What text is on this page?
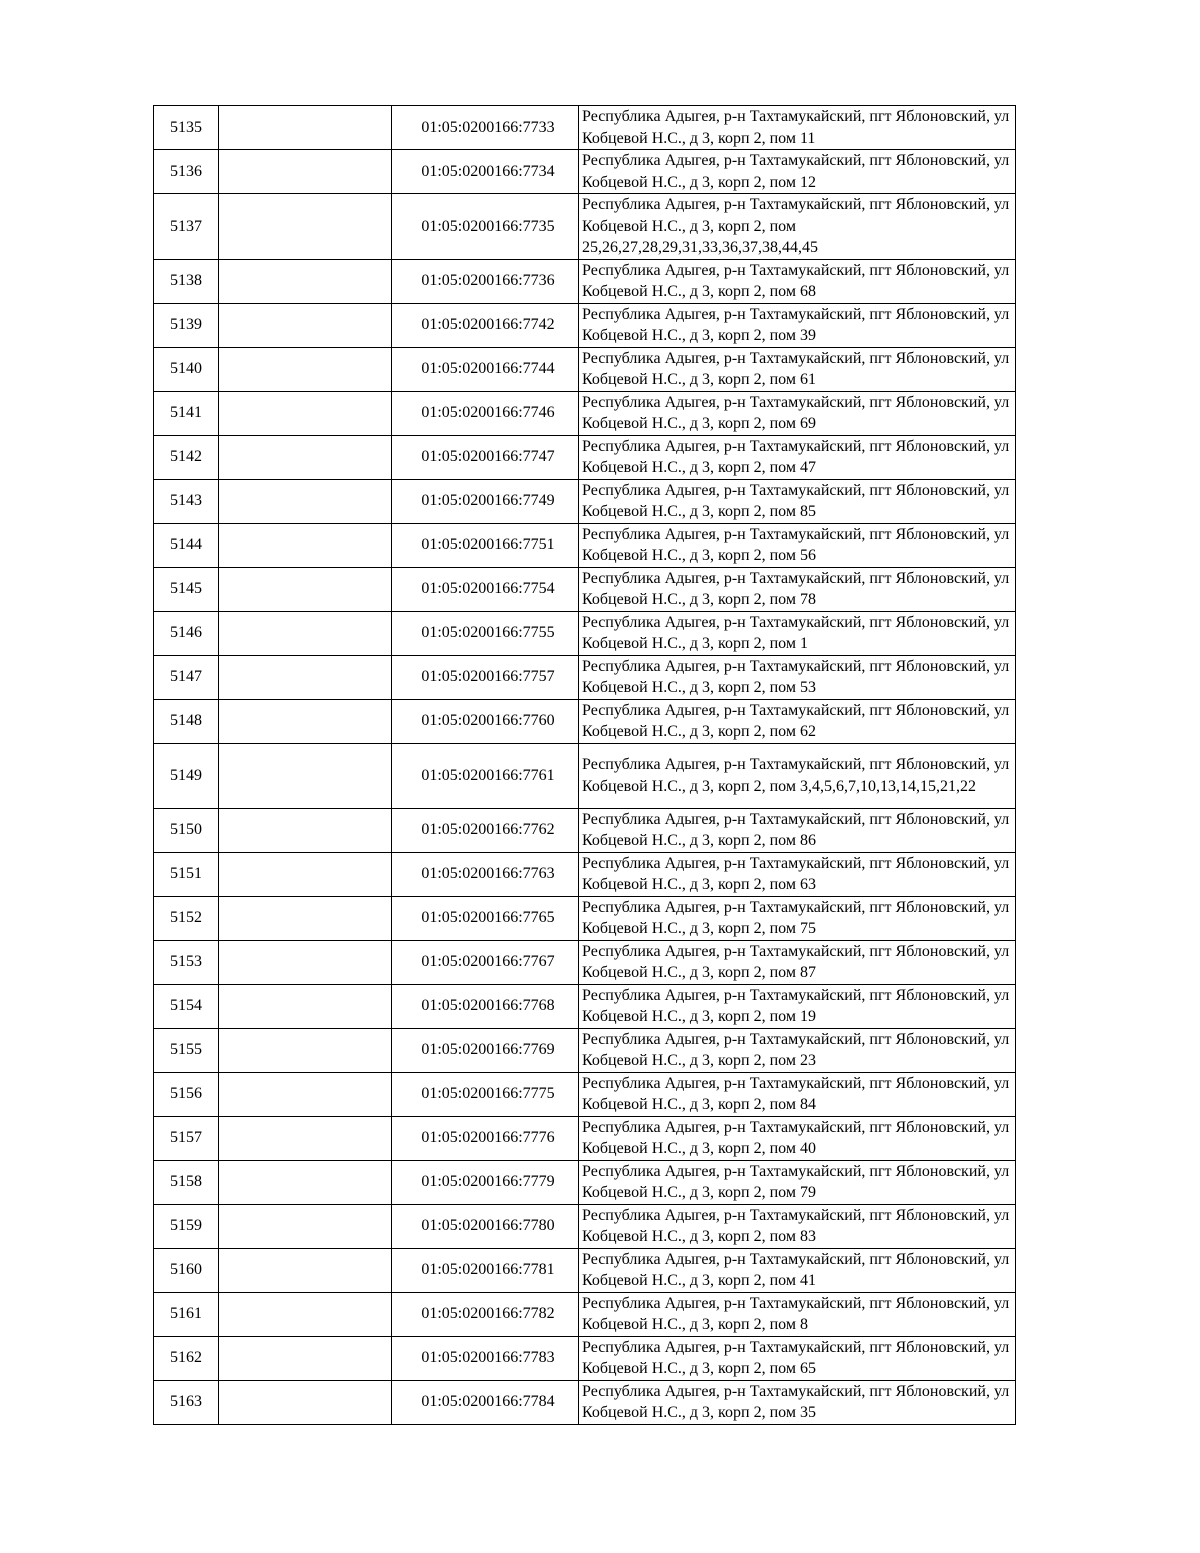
5135		01:05:0200166:7733	Республика Адыгея, р-н Тахтамукайский, пгт Яблоновский, ул Кобцевой Н.С., д 3, корп 2, пом 11
5136		01:05:0200166:7734	Республика Адыгея, р-н Тахтамукайский, пгт Яблоновский, ул Кобцевой Н.С., д 3, корп 2, пом 12
5137		01:05:0200166:7735	Республика Адыгея, р-н Тахтамукайский, пгт Яблоновский, ул Кобцевой Н.С., д 3, корп 2, пом 25,26,27,28,29,31,33,36,37,38,44,45
5138		01:05:0200166:7736	Республика Адыгея, р-н Тахтамукайский, пгт Яблоновский, ул Кобцевой Н.С., д 3, корп 2, пом 68
5139		01:05:0200166:7742	Республика Адыгея, р-н Тахтамукайский, пгт Яблоновский, ул Кобцевой Н.С., д 3, корп 2, пом 39
5140		01:05:0200166:7744	Республика Адыгея, р-н Тахтамукайский, пгт Яблоновский, ул Кобцевой Н.С., д 3, корп 2, пом 61
5141		01:05:0200166:7746	Республика Адыгея, р-н Тахтамукайский, пгт Яблоновский, ул Кобцевой Н.С., д 3, корп 2, пом 69
5142		01:05:0200166:7747	Республика Адыгея, р-н Тахтамукайский, пгт Яблоновский, ул Кобцевой Н.С., д 3, корп 2, пом 47
5143		01:05:0200166:7749	Республика Адыгея, р-н Тахтамукайский, пгт Яблоновский, ул Кобцевой Н.С., д 3, корп 2, пом 85
5144		01:05:0200166:7751	Республика Адыгея, р-н Тахтамукайский, пгт Яблоновский, ул Кобцевой Н.С., д 3, корп 2, пом 56
5145		01:05:0200166:7754	Республика Адыгея, р-н Тахтамукайский, пгт Яблоновский, ул Кобцевой Н.С., д 3, корп 2, пом 78
5146		01:05:0200166:7755	Республика Адыгея, р-н Тахтамукайский, пгт Яблоновский, ул Кобцевой Н.С., д 3, корп 2, пом 1
5147		01:05:0200166:7757	Республика Адыгея, р-н Тахтамукайский, пгт Яблоновский, ул Кобцевой Н.С., д 3, корп 2, пом 53
5148		01:05:0200166:7760	Республика Адыгея, р-н Тахтамукайский, пгт Яблоновский, ул Кобцевой Н.С., д 3, корп 2, пом 62
5149		01:05:0200166:7761	Республика Адыгея, р-н Тахтамукайский, пгт Яблоновский, ул Кобцевой Н.С., д 3, корп 2, пом 3,4,5,6,7,10,13,14,15,21,22
5150		01:05:0200166:7762	Республика Адыгея, р-н Тахтамукайский, пгт Яблоновский, ул Кобцевой Н.С., д 3, корп 2, пом 86
5151		01:05:0200166:7763	Республика Адыгея, р-н Тахтамукайский, пгт Яблоновский, ул Кобцевой Н.С., д 3, корп 2, пом 63
5152		01:05:0200166:7765	Республика Адыгея, р-н Тахтамукайский, пгт Яблоновский, ул Кобцевой Н.С., д 3, корп 2, пом 75
5153		01:05:0200166:7767	Республика Адыгея, р-н Тахтамукайский, пгт Яблоновский, ул Кобцевой Н.С., д 3, корп 2, пом 87
5154		01:05:0200166:7768	Республика Адыгея, р-н Тахтамукайский, пгт Яблоновский, ул Кобцевой Н.С., д 3, корп 2, пом 19
5155		01:05:0200166:7769	Республика Адыгея, р-н Тахтамукайский, пгт Яблоновский, ул Кобцевой Н.С., д 3, корп 2, пом 23
5156		01:05:0200166:7775	Республика Адыгея, р-н Тахтамукайский, пгт Яблоновский, ул Кобцевой Н.С., д 3, корп 2, пом 84
5157		01:05:0200166:7776	Республика Адыгея, р-н Тахтамукайский, пгт Яблоновский, ул Кобцевой Н.С., д 3, корп 2, пом 40
5158		01:05:0200166:7779	Республика Адыгея, р-н Тахтамукайский, пгт Яблоновский, ул Кобцевой Н.С., д 3, корп 2, пом 79
5159		01:05:0200166:7780	Республика Адыгея, р-н Тахтамукайский, пгт Яблоновский, ул Кобцевой Н.С., д 3, корп 2, пом 83
5160		01:05:0200166:7781	Республика Адыгея, р-н Тахтамукайский, пгт Яблоновский, ул Кобцевой Н.С., д 3, корп 2, пом 41
5161		01:05:0200166:7782	Республика Адыгея, р-н Тахтамукайский, пгт Яблоновский, ул Кобцевой Н.С., д 3, корп 2, пом 8
5162		01:05:0200166:7783	Республика Адыгея, р-н Тахтамукайский, пгт Яблоновский, ул Кобцевой Н.С., д 3, корп 2, пом 65
5163		01:05:0200166:7784	Республика Адыгея, р-н Тахтамукайский, пгт Яблоновский, ул Кобцевой Н.С., д 3, корп 2, пом 35
